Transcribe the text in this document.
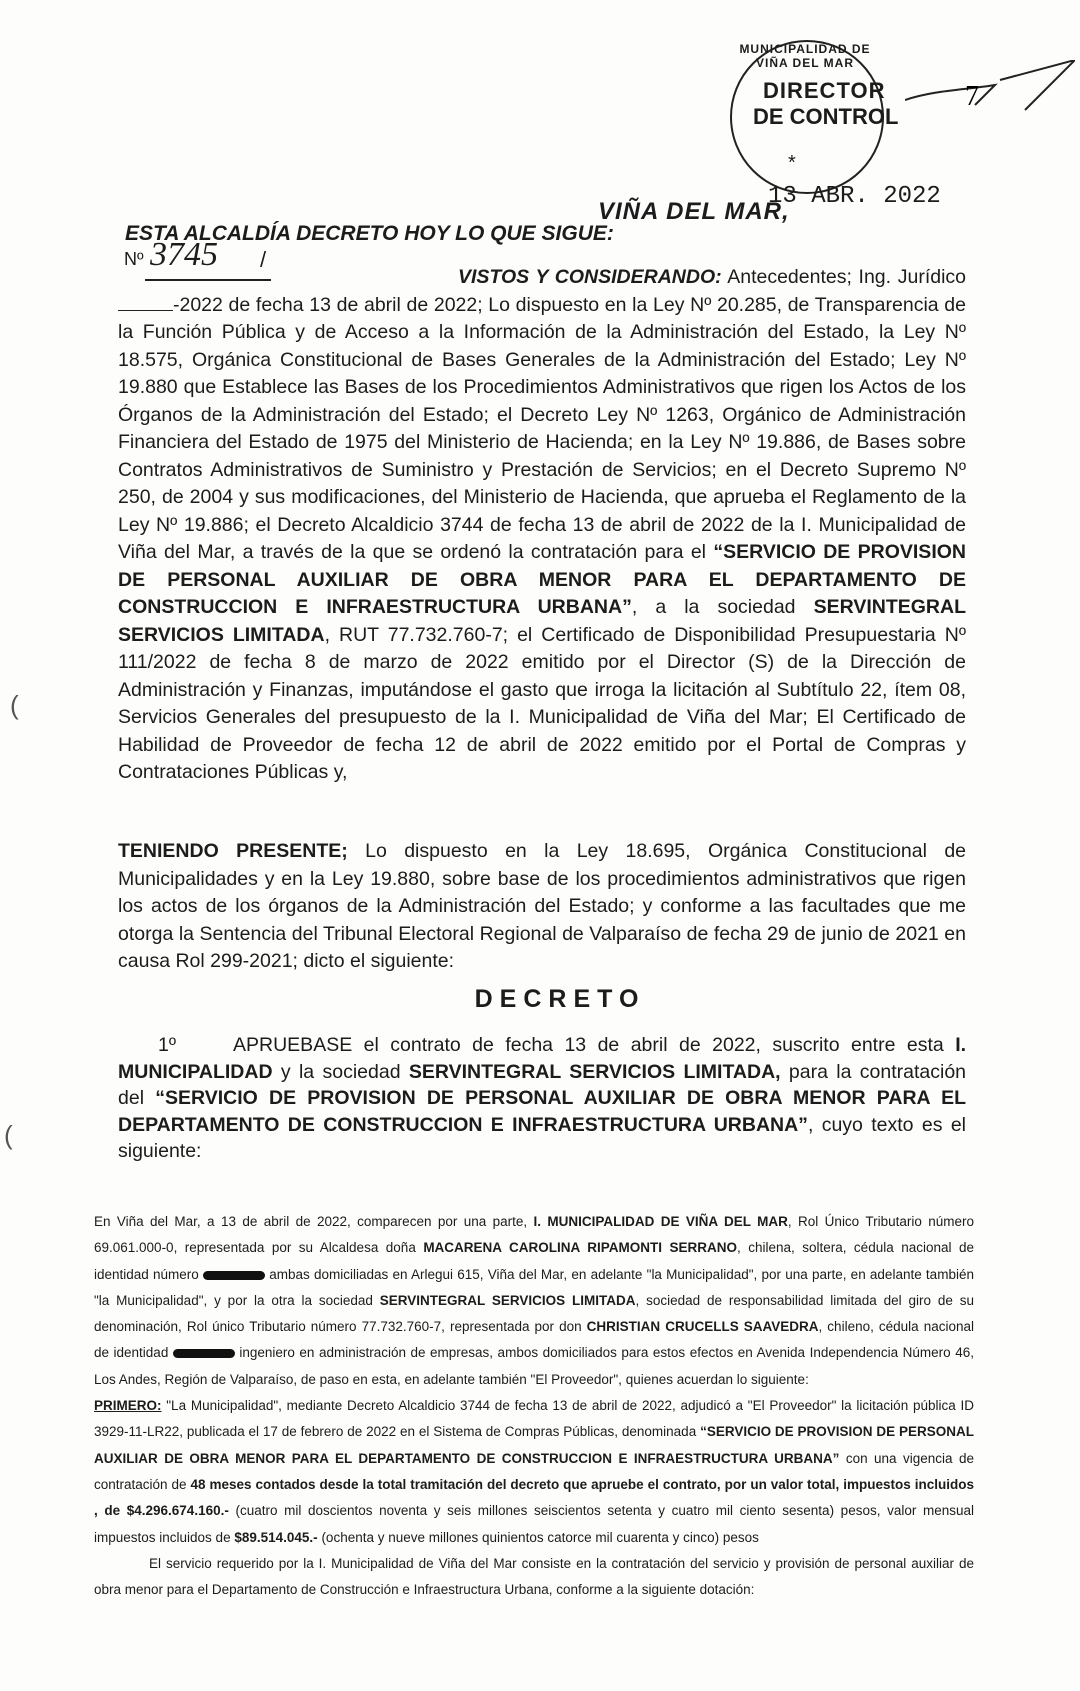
MUNICIPALIDAD DE VIÑA DEL MAR
DIRECTOR
DE CONTROL
*
7
(
(
VIÑA DEL MAR,
13 ABR. 2022
ESTA ALCALDÍA DECRETO HOY LO QUE SIGUE:
Nº 3745 /
VISTOS Y CONSIDERANDO: Antecedentes; Ing. Jurídico -2022 de fecha 13 de abril de 2022; Lo dispuesto en la Ley Nº 20.285, de Transparencia de la Función Pública y de Acceso a la Información de la Administración del Estado, la Ley Nº 18.575, Orgánica Constitucional de Bases Generales de la Administración del Estado; Ley Nº 19.880 que Establece las Bases de los Procedimientos Administrativos que rigen los Actos de los Órganos de la Administración del Estado; el Decreto Ley Nº 1263, Orgánico de Administración Financiera del Estado de 1975 del Ministerio de Hacienda; en la Ley Nº 19.886, de Bases sobre Contratos Administrativos de Suministro y Prestación de Servicios; en el Decreto Supremo Nº 250, de 2004 y sus modificaciones, del Ministerio de Hacienda, que aprueba el Reglamento de la Ley Nº 19.886; el Decreto Alcaldicio 3744 de fecha 13 de abril de 2022 de la I. Municipalidad de Viña del Mar, a través de la que se ordenó la contratación para el “SERVICIO DE PROVISION DE PERSONAL AUXILIAR DE OBRA MENOR PARA EL DEPARTAMENTO DE CONSTRUCCION E INFRAESTRUCTURA URBANA”, a la sociedad SERVINTEGRAL SERVICIOS LIMITADA, RUT 77.732.760-7; el Certificado de Disponibilidad Presupuestaria Nº 111/2022 de fecha 8 de marzo de 2022 emitido por el Director (S) de la Dirección de Administración y Finanzas, imputándose el gasto que irroga la licitación al Subtítulo 22, ítem 08, Servicios Generales del presupuesto de la I. Municipalidad de Viña del Mar; El Certificado de Habilidad de Proveedor de fecha 12 de abril de 2022 emitido por el Portal de Compras y Contrataciones Públicas y,
TENIENDO PRESENTE; Lo dispuesto en la Ley 18.695, Orgánica Constitucional de Municipalidades y en la Ley 19.880, sobre base de los procedimientos administrativos que rigen los actos de los órganos de la Administración del Estado; y conforme a las facultades que me otorga la Sentencia del Tribunal Electoral Regional de Valparaíso de fecha 29 de junio de 2021 en causa Rol 299-2021; dicto el siguiente:
DECRETO
1º	APRUEBASE el contrato de fecha 13 de abril de 2022, suscrito entre esta I. MUNICIPALIDAD y la sociedad SERVINTEGRAL SERVICIOS LIMITADA, para la contratación del “SERVICIO DE PROVISION DE PERSONAL AUXILIAR DE OBRA MENOR PARA EL DEPARTAMENTO DE CONSTRUCCION E INFRAESTRUCTURA URBANA”, cuyo texto es el siguiente:
En Viña del Mar, a 13 de abril de 2022, comparecen por una parte, I. MUNICIPALIDAD DE VIÑA DEL MAR, Rol Único Tributario número 69.061.000-0, representada por su Alcaldesa doña MACARENA CAROLINA RIPAMONTI SERRANO, chilena, soltera, cédula nacional de identidad número	ambas domiciliadas en Arlegui 615, Viña del Mar, en adelante "la Municipalidad", por una parte, en adelante también "la Municipalidad", y por la otra la sociedad SERVINTEGRAL SERVICIOS LIMITADA, sociedad de responsabilidad limitada del giro de su denominación, Rol único Tributario número 77.732.760-7, representada por don CHRISTIAN CRUCELLS SAAVEDRA, chileno, cédula nacional de identidad	ingeniero en administración de empresas, ambos domiciliados para estos efectos en Avenida Independencia Número 46, Los Andes, Región de Valparaíso, de paso en esta, en adelante también "El Proveedor", quienes acuerdan lo siguiente:
PRIMERO: "La Municipalidad", mediante Decreto Alcaldicio 3744 de fecha 13 de abril de 2022, adjudicó a "El Proveedor" la licitación pública ID 3929-11-LR22, publicada el 17 de febrero de 2022 en el Sistema de Compras Públicas, denominada “SERVICIO DE PROVISION DE PERSONAL AUXILIAR DE OBRA MENOR PARA EL DEPARTAMENTO DE CONSTRUCCION E INFRAESTRUCTURA URBANA” con una vigencia de contratación de 48 meses contados desde la total tramitación del decreto que apruebe el contrato, por un valor total, impuestos incluidos , de $4.296.674.160.- (cuatro mil doscientos noventa y seis millones seiscientos setenta y cuatro mil ciento sesenta) pesos, valor mensual impuestos incluidos de $89.514.045.- (ochenta y nueve millones quinientos catorce mil cuarenta y cinco) pesos
El servicio requerido por la I. Municipalidad de Viña del Mar consiste en la contratación del servicio y provisión de personal auxiliar de obra menor para el Departamento de Construcción e Infraestructura Urbana, conforme a la siguiente dotación:
